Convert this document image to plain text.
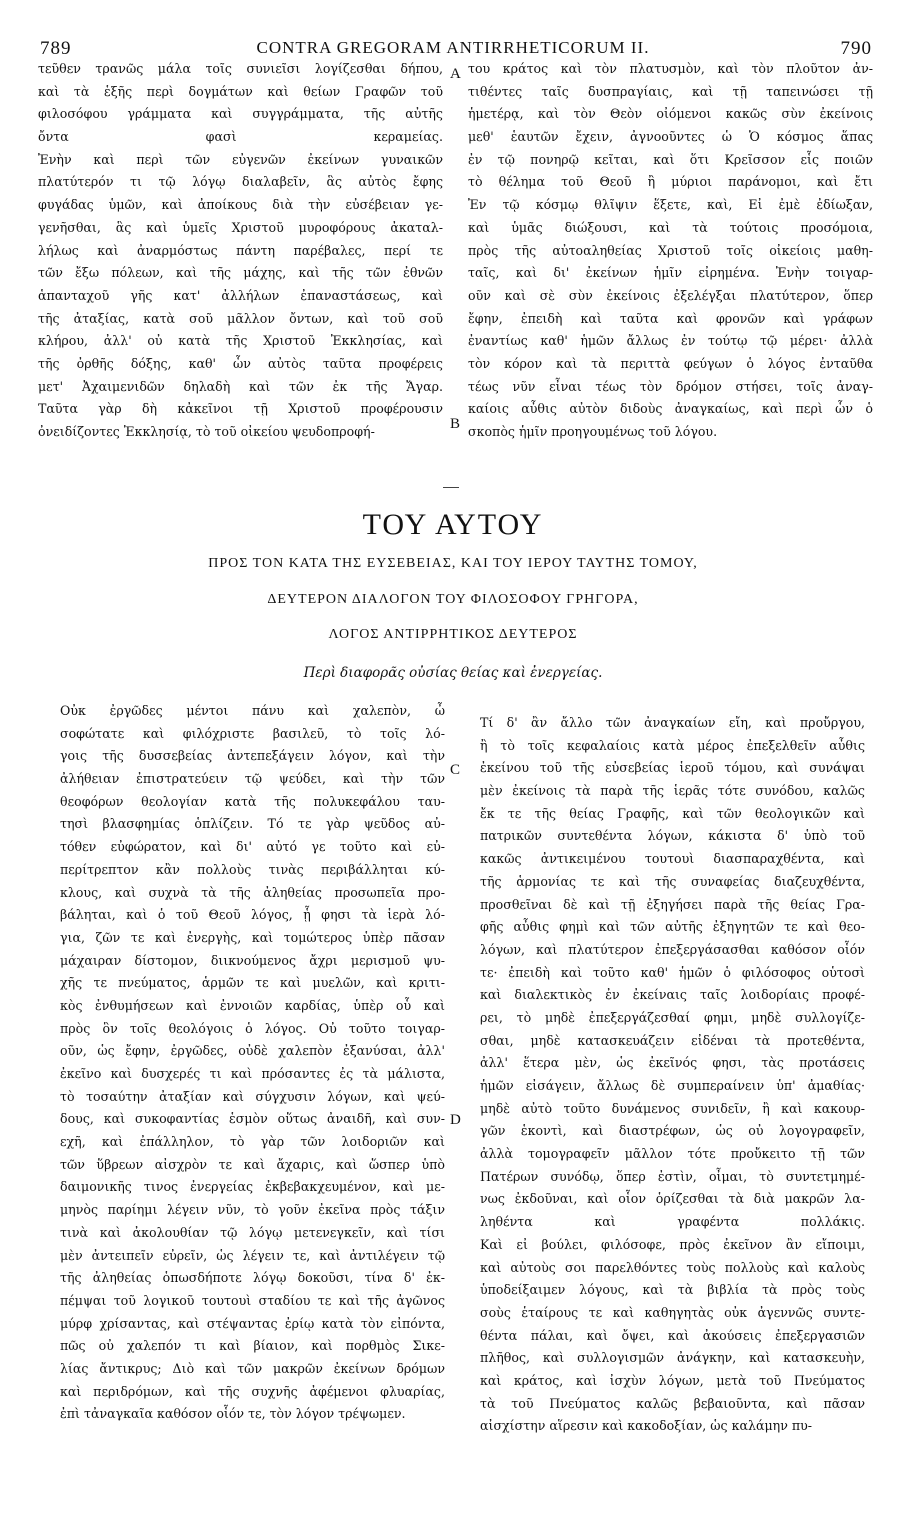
789	CONTRA GREGORAM ANTIRRHETICORUM II.	790
τεῦθεν τρανῶς μάλα τοῖς συνιεῖσι λογίζεσθαι δήπου,
καὶ τὰ ἑξῆς περὶ δογμάτων καὶ θείων Γραφῶν τοῦ
φιλοσόφου γράμματα καὶ συγγράμματα, τῆς αὐτῆς
ὄντα φασὶ κεραμείας.
Ἐνὴν καὶ περὶ τῶν εὐγενῶν ἐκείνων γυναικῶν
πλατύτερόν τι τῷ λόγῳ διαλαβεῖν, ἃς αὐτὸς ἔφης
φυγάδας ὑμῶν, καὶ ἀποίκους διὰ τὴν εὐσέβειαν γε-
γενῆσθαι, ἃς καὶ ὑμεῖς Χριστοῦ μυροφόρους ἀκαταλ-
λήλως καὶ ἀναρμόστως πάντη παρέβαλες, περί τε
τῶν ἔξω πόλεων, καὶ τῆς μάχης, καὶ τῆς τῶν ἐθνῶν
ἁπανταχοῦ γῆς κατ' ἀλλήλων ἐπαναστάσεως, καὶ
τῆς ἀταξίας, κατὰ σοῦ μᾶλλον ὄντων, καὶ τοῦ σοῦ
κλήρου, ἀλλ' οὐ κατὰ τῆς Χριστοῦ Ἐκκλησίας, καὶ
τῆς ὀρθῆς δόξης, καθ' ὧν αὐτὸς ταῦτα προφέρεις
μετ' Ἀχαιμενιδῶν δηλαδὴ καὶ τῶν ἐκ τῆς Ἄγαρ.
Ταῦτα γὰρ δὴ κἀκεῖνοι τῇ Χριστοῦ προφέρουσιν
ὀνειδίζοντες Ἐκκλησίᾳ, τὸ τοῦ οἰκείου ψευδοπροφή-
του κράτος καὶ τὸν πλατυσμὸν, καὶ τὸν πλοῦτον ἀν-
τιθέντες ταῖς δυσπραγίαις, καὶ τῇ ταπεινώσει τῇ
ἡμετέρᾳ, καὶ τὸν Θεὸν οἰόμενοι κακῶς σὺν ἐκείνοις
μεθ' ἑαυτῶν ἔχειν, ἀγνοοῦντες ὡ Ὁ κόσμος ἅπας
ἐν τῷ πονηρῷ κεῖται, καὶ ὅτι Κρεῖσσον εἷς ποιῶν
τὸ θέλημα τοῦ Θεοῦ ἢ μύριοι παράνομοι, καὶ ἔτι
Ἐν τῷ κόσμῳ θλῖψιν ἕξετε, καὶ, Εἰ ἐμὲ ἐδίωξαν,
καὶ ὑμᾶς διώξουσι, καὶ τὰ τούτοις προσόμοια,
πρὸς τῆς αὐτοαληθείας Χριστοῦ τοῖς οἰκείοις μαθη-
ταῖς, καὶ δι' ἐκείνων ἡμῖν εἰρημένα. Ἐνὴν τοιγαρ-
οῦν καὶ σὲ σὺν ἐκείνοις ἐξελέγξαι πλατύτερον, ὅπερ
ἔφην, ἐπειδὴ καὶ ταῦτα καὶ φρονῶν καὶ γράφων
ἐναντίως καθ' ἡμῶν ἄλλως ἐν τούτῳ τῷ μέρει· ἀλλὰ
τὸν κόρον καὶ τὰ περιττὰ φεύγων ὁ λόγος ἐνταῦθα
τέως νῦν εἶναι τέως τὸν δρόμον στήσει, τοῖς ἀναγ-
καίοις αὖθις αὐτὸν διδοὺς ἀναγκαίως, καὶ περὶ ὧν ὁ
σκοπὸς ἡμῖν προηγουμένως τοῦ λόγου.
A
B
ΤΟΥ ΑΥΤΟΥ
ΠΡΟΣ ΤΟΝ ΚΑΤΑ ΤΗΣ ΕΥΣΕΒΕΙΑΣ, ΚΑΙ ΤΟΥ ΙΕΡΟΥ ΤΑΥΤΗΣ ΤΟΜΟΥ,
ΔΕΥΤΕΡΟΝ ΔΙΑΛΟΓΟΝ ΤΟΥ ΦΙΛΟΣΟΦΟΥ ΓΡΗΓΟΡΑ,
ΛΟΓΟΣ ΑΝΤΙΡΡΗΤΙΚΟΣ ΔΕΥΤΕΡΟΣ
Περὶ διαφορᾶς οὐσίας θείας καὶ ἐνεργείας.
Οὐκ ἐργῶδες μέντοι πάνυ καὶ χαλεπὸν, ὦ
σοφώτατε καὶ φιλόχριστε βασιλεῦ, τὸ τοῖς λό-
γοις τῆς δυσσεβείας ἀντεπεξάγειν λόγον, καὶ τὴν
ἀλήθειαν ἐπιστρατεύειν τῷ ψεύδει, καὶ τὴν τῶν
θεοφόρων θεολογίαν κατὰ τῆς πολυκεφάλου ταυ-
τησὶ βλασφημίας ὁπλίζειν. Τό τε γὰρ ψεῦδος αὐ-
τόθεν εὐφώρατον, καὶ δι' αὐτό γε τοῦτο καὶ εὐ-
περίτρεπτον κἂν πολλοὺς τινὰς περιβάλληται κύ-
κλους, καὶ συχνὰ τὰ τῆς ἀληθείας προσωπεῖα προ-
βάληται, καὶ ὁ τοῦ Θεοῦ λόγος, ᾗ φησι τὰ ἱερὰ λό-
για, ζῶν τε καὶ ἐνεργὴς, καὶ τομώτερος ὑπὲρ πᾶσαν
μάχαιραν δίστομον, διικνούμενος ἄχρι μερισμοῦ ψυ-
χῆς τε πνεύματος, ἁρμῶν τε καὶ μυελῶν, καὶ κριτι-
κὸς ἐνθυμήσεων καὶ ἐννοιῶν καρδίας, ὑπὲρ οὗ καὶ
πρὸς ὃν τοῖς θεολόγοις ὁ λόγος. Οὐ τοῦτο τοιγαρ-
οῦν, ὡς ἔφην, ἐργῶδες, οὐδὲ χαλεπὸν ἐξανύσαι, ἀλλ'
ἐκεῖνο καὶ δυσχερές τι καὶ πρόσαντες ἐς τὰ μάλιστα,
τὸ τοσαύτην ἀταξίαν καὶ σύγχυσιν λόγων, καὶ ψεύ-
δους, καὶ συκοφαντίας ἑσμὸν οὕτως ἀναιδῆ, καὶ συν-
εχῆ, καὶ ἐπάλληλον, τὸ γὰρ τῶν λοιδοριῶν καὶ
τῶν ὕβρεων αἰσχρὸν τε καὶ ἄχαρις, καὶ ὥσπερ ὑπὸ
δαιμονικῆς τινος ἐνεργείας ἐκβεβακχευμένον, καὶ με-
μηνὸς παρίημι λέγειν νῦν, τὸ γοῦν ἐκεῖνα πρὸς τάξιν
τινὰ καὶ ἀκολουθίαν τῷ λόγῳ μετενεγκεῖν, καὶ τίσι
μὲν ἀντειπεῖν εὐρεῖν, ὡς λέγειν τε, καὶ ἀντιλέγειν τῷ
τῆς ἀληθείας ὁπωσδήποτε λόγῳ δοκοῦσι, τίνα δ' ἐκ-
πέμψαι τοῦ λογικοῦ τουτουὶ σταδίου τε καὶ τῆς ἀγῶνος
μύρφ χρίσαντας, καὶ στέψαντας ἐρίῳ κατὰ τὸν εἰπόντα,
πῶς οὐ χαλεπόν τι καὶ βίαιον, καὶ πορθμὸς Σικε-
λίας ἄντικρυς; Διὸ καὶ τῶν μακρῶν ἐκείνων δρόμων
καὶ περιδρόμων, καὶ τῆς συχνῆς ἀφέμενοι φλυαρίας,
ἐπὶ τἀναγκαῖα καθόσον οἷόν τε, τὸν λόγον τρέψωμεν.
Τί δ' ἂν ἄλλο τῶν ἀναγκαίων εἴη, καὶ προὔργου,
ἢ τὸ τοῖς κεφαλαίοις κατὰ μέρος ἐπεξελθεῖν αὖθις
ἐκείνου τοῦ τῆς εὐσεβείας ἱεροῦ τόμου, καὶ συνάψαι
μὲν ἐκείνοις τὰ παρὰ τῆς ἱερᾶς τότε συνόδου, καλῶς
ἔκ τε τῆς θείας Γραφῆς, καὶ τῶν θεολογικῶν καὶ
πατρικῶν συντεθέντα λόγων, κάκιστα δ' ὑπὸ τοῦ
κακῶς ἀντικειμένου τουτουὶ διασπαραχθέντα, καὶ
τῆς ἁρμονίας τε καὶ τῆς συναφείας διαζευχθέντα,
προσθεῖναι δὲ καὶ τῇ ἐξηγήσει παρὰ τῆς θείας Γρα-
φῆς αὖθις φημὶ καὶ τῶν αὐτῆς ἐξηγητῶν τε καὶ θεο-
λόγων, καὶ πλατύτερον ἐπεξεργάσασθαι καθόσον οἷόν
τε· ἐπειδὴ καὶ τοῦτο καθ' ἡμῶν ὁ φιλόσοφος οὑτοσὶ
καὶ διαλεκτικὸς ἐν ἐκείναις ταῖς λοιδορίαις προφέ-
ρει, τὸ μηδὲ ἐπεξεργάζεσθαί φημι, μηδὲ συλλογίζε-
σθαι, μηδὲ κατασκευάζειν εἰδέναι τὰ προτεθέντα,
ἀλλ' ἕτερα μὲν, ὡς ἐκεῖνός φησι, τὰς προτάσεις
ἡμῶν εἰσάγειν, ἄλλως δὲ συμπεραίνειν ὑπ' ἀμαθίας·
μηδὲ αὐτὸ τοῦτο δυνάμενος συνιδεῖν, ἢ καὶ κακουρ-
γῶν ἑκοντὶ, καὶ διαστρέφων, ὡς οὐ λογογραφεῖν,
ἀλλὰ τομογραφεῖν μᾶλλον τότε προὔκειτο τῇ τῶν
Πατέρων συνόδῳ, ὅπερ ἐστὶν, οἶμαι, τὸ συντετμημέ-
νως ἐκδοῦναι, καὶ οἷον ὁρίζεσθαι τὰ διὰ μακρῶν λα-
ληθέντα καὶ γραφέντα πολλάκις.
Καὶ εἰ βούλει, φιλόσοφε, πρὸς ἐκεῖνον ἂν εἴποιμι,
καὶ αὐτοὺς σοι παρελθόντες τοὺς πολλοὺς καὶ καλοὺς
ὑποδείξαιμεν λόγους, καὶ τὰ βιβλία τὰ πρὸς τοὺς
σοὺς ἑταίρους τε καὶ καθηγητὰς οὐκ ἀγεννῶς συντε-
θέντα πάλαι, καὶ ὄψει, καὶ ἀκούσεις ἐπεξεργασιῶν
πλῆθος, καὶ συλλογισμῶν ἀνάγκην, καὶ κατασκευὴν,
καὶ κράτος, καὶ ἰσχὺν λόγων, μετὰ τοῦ Πνεύματος
τὰ τοῦ Πνεύματος καλῶς βεβαιοῦντα, καὶ πᾶσαν
αἰσχίστην αἵρεσιν καὶ κακοδοξίαν, ὡς καλάμην πυ-
C
D
